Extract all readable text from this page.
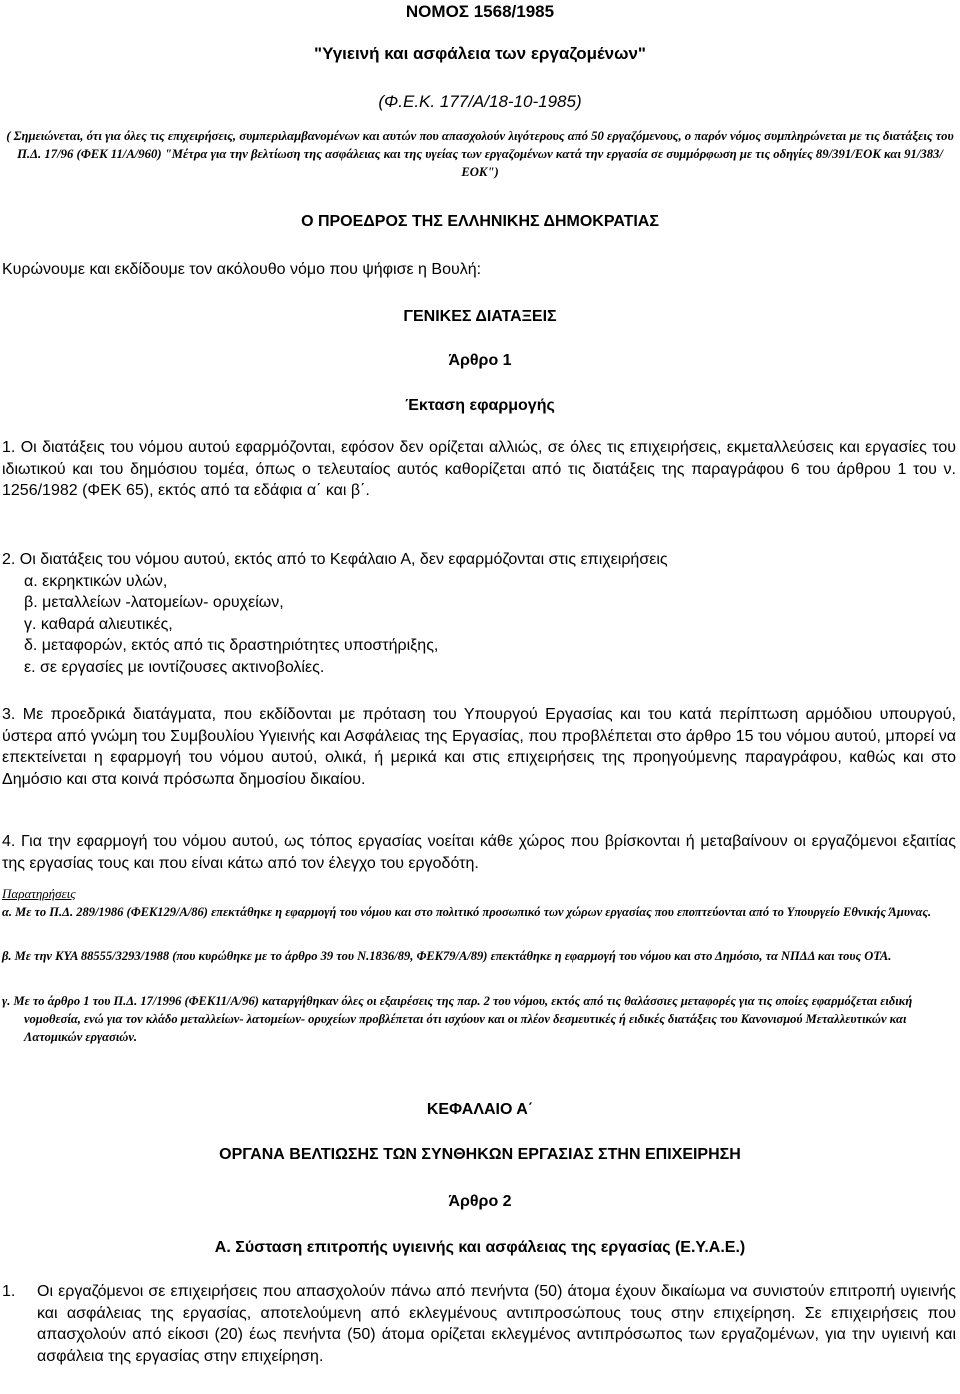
ΝΟΜΟΣ 1568/1985
"Υγιεινή και ασφάλεια των εργαζομένων"
(Φ.Ε.Κ. 177/Α/18-10-1985)
( Σημειώνεται, ότι για όλες τις επιχειρήσεις, συμπεριλαμβανομένων και αυτών που απασχολούν λιγότερους από 50 εργαζόμενους, ο παρόν νόμος συμπληρώνεται με τις διατάξεις του Π.Δ. 17/96 (ΦΕΚ 11/Α/960) "Μέτρα για την βελτίωση της ασφάλειας και της υγείας των εργαζομένων κατά την εργασία σε συμμόρφωση με τις οδηγίες 89/391/ΕΟΚ και 91/383/ΕΟΚ")
Ο ΠΡΟΕΔΡΟΣ ΤΗΣ ΕΛΛΗΝΙΚΗΣ ΔΗΜΟΚΡΑΤΙΑΣ
Κυρώνουμε και εκδίδουμε τον ακόλουθο νόμο που ψήφισε η Βουλή:
ΓΕΝΙΚΕΣ ΔΙΑΤΑΞΕΙΣ
Άρθρο 1
Έκταση εφαρμογής
1. Οι διατάξεις του νόμου αυτού εφαρμόζονται, εφόσον δεν ορίζεται αλλιώς, σε όλες τις επιχειρήσεις, εκμεταλλεύσεις και εργασίες του ιδιωτικού και του δημόσιου τομέα, όπως ο τελευταίος αυτός καθορίζεται από τις διατάξεις της παραγράφου 6 του άρθρου 1 του ν. 1256/1982 (ΦΕΚ 65), εκτός από τα εδάφια α΄ και β΄.
2. Οι διατάξεις του νόμου αυτού, εκτός από το Κεφάλαιο Α, δεν εφαρμόζονται στις επιχειρήσεις
α. εκρηκτικών υλών,
β. μεταλλείων -λατομείων- ορυχείων,
γ. καθαρά αλιευτικές,
δ. μεταφορών, εκτός από τις δραστηριότητες υποστήριξης,
ε. σε εργασίες με ιοντίζουσες ακτινοβολίες.
3. Με προεδρικά διατάγματα, που εκδίδονται με πρόταση του Υπουργού Εργασίας και του κατά περίπτωση αρμόδιου υπουργού, ύστερα από γνώμη του Συμβουλίου Υγιεινής και Ασφάλειας της Εργασίας, που προβλέπεται στο άρθρο 15 του νόμου αυτού, μπορεί να επεκτείνεται η εφαρμογή του νόμου αυτού, ολικά, ή μερικά και στις επιχειρήσεις της προηγούμενης παραγράφου, καθώς και στο Δημόσιο και στα κοινά πρόσωπα δημοσίου δικαίου.
4. Για την εφαρμογή του νόμου αυτού, ως τόπος εργασίας νοείται κάθε χώρος που βρίσκονται ή μεταβαίνουν οι εργαζόμενοι εξαιτίας της εργασίας τους και που είναι κάτω από τον έλεγχο του εργοδότη.
Παρατηρήσεις
α. Με το Π.Δ. 289/1986 (ΦΕΚ129/Α/86) επεκτάθηκε η εφαρμογή του νόμου και στο πολιτικό προσωπικό των χώρων εργασίας που εποπτεύονται από το Υπουργείο Εθνικής Άμυνας.
β. Με την ΚΥΑ 88555/3293/1988 (που κυρώθηκε με το άρθρο 39 του Ν.1836/89, ΦΕΚ79/Α/89) επεκτάθηκε η εφαρμογή του νόμου και στο Δημόσιο, τα ΝΠΔΔ και τους ΟΤΑ.
γ. Με το άρθρο 1 του Π.Δ. 17/1996 (ΦΕΚ11/Α/96) καταργήθηκαν όλες οι εξαιρέσεις της παρ. 2 του νόμου, εκτός από τις θαλάσσιες μεταφορές για τις οποίες εφαρμόζεται ειδική νομοθεσία, ενώ για τον κλάδο μεταλλείων- λατομείων- ορυχείων προβλέπεται ότι ισχύουν και οι πλέον δεσμευτικές ή ειδικές διατάξεις του Κανονισμού Μεταλλευτικών και Λατομικών εργασιών.
ΚΕΦΑΛΑΙΟ Α΄
ΟΡΓΑΝΑ ΒΕΛΤΙΩΣΗΣ ΤΩΝ ΣΥΝΘΗΚΩΝ ΕΡΓΑΣΙΑΣ ΣΤΗΝ ΕΠΙΧΕΙΡΗΣΗ
Άρθρο 2
Α. Σύσταση επιτροπής υγιεινής και ασφάλειας της εργασίας (Ε.Υ.Α.Ε.)
1.	Οι εργαζόμενοι σε επιχειρήσεις που απασχολούν πάνω από πενήντα (50) άτομα έχουν δικαίωμα να συνιστούν επιτροπή υγιεινής και ασφάλειας της εργασίας, αποτελούμενη από εκλεγμένους αντιπροσώπους τους στην επιχείρηση. Σε επιχειρήσεις που απασχολούν από είκοσι (20) έως πενήντα (50) άτομα ορίζεται εκλεγμένος αντιπρόσωπος των εργαζομένων, για την υγιεινή και ασφάλεια της εργασίας στην επιχείρηση.
